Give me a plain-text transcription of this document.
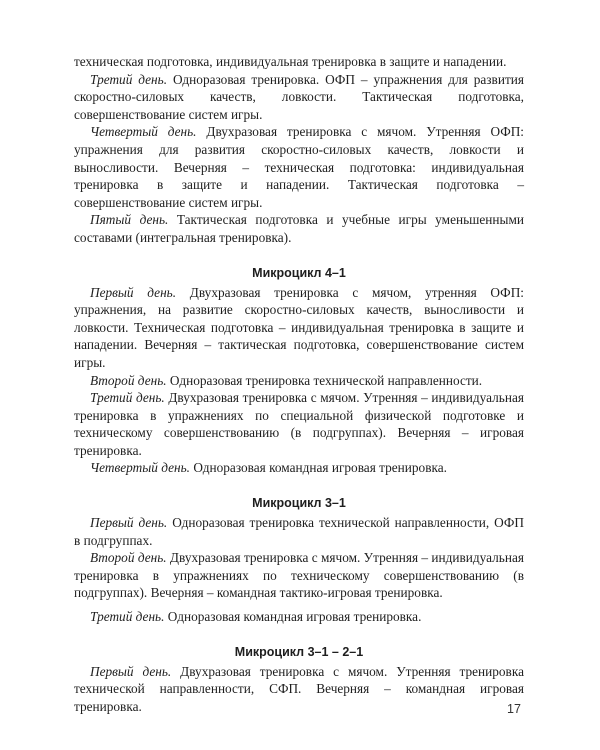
техническая подготовка, индивидуальная тренировка в защите и нападении.

Третий день. Одноразовая тренировка. ОФП – упражнения для развития скоростно-силовых качеств, ловкости. Тактическая подготовка, совершенствование систем игры.

Четвертый день. Двухразовая тренировка с мячом. Утренняя ОФП: упражнения для развития скоростно-силовых качеств, ловкости и выносливости. Вечерняя – техническая подготовка: индивидуальная тренировка в защите и нападении. Тактическая подготовка – совершенствование систем игры.

Пятый день. Тактическая подготовка и учебные игры уменьшенными составами (интегральная тренировка).

Микроцикл 4–1

Первый день. Двухразовая тренировка с мячом, утренняя ОФП: упражнения, на развитие скоростно-силовых качеств, выносливости и ловкости. Техническая подготовка – индивидуальная тренировка в защите и нападении. Вечерняя – тактическая подготовка, совершенствование систем игры.

Второй день. Одноразовая тренировка технической направленности.

Третий день. Двухразовая тренировка с мячом. Утренняя – индивидуальная тренировка в упражнениях по специальной физической подготовке и техническому совершенствованию (в подгруппах). Вечерняя – игровая тренировка.

Четвертый день. Одноразовая командная игровая тренировка.

Микроцикл 3–1

Первый день. Одноразовая тренировка технической направленности, ОФП в подгруппах.

Второй день. Двухразовая тренировка с мячом. Утренняя – индивидуальная тренировка в упражнениях по техническому совершенствованию (в подгруппах). Вечерняя – командная тактико-игровая тренировка.

Третий день. Одноразовая командная игровая тренировка.

Микроцикл 3–1 – 2–1

Первый день. Двухразовая тренировка с мячом. Утренняя тренировка технической направленности, СФП. Вечерняя – командная игровая тренировка.	17
